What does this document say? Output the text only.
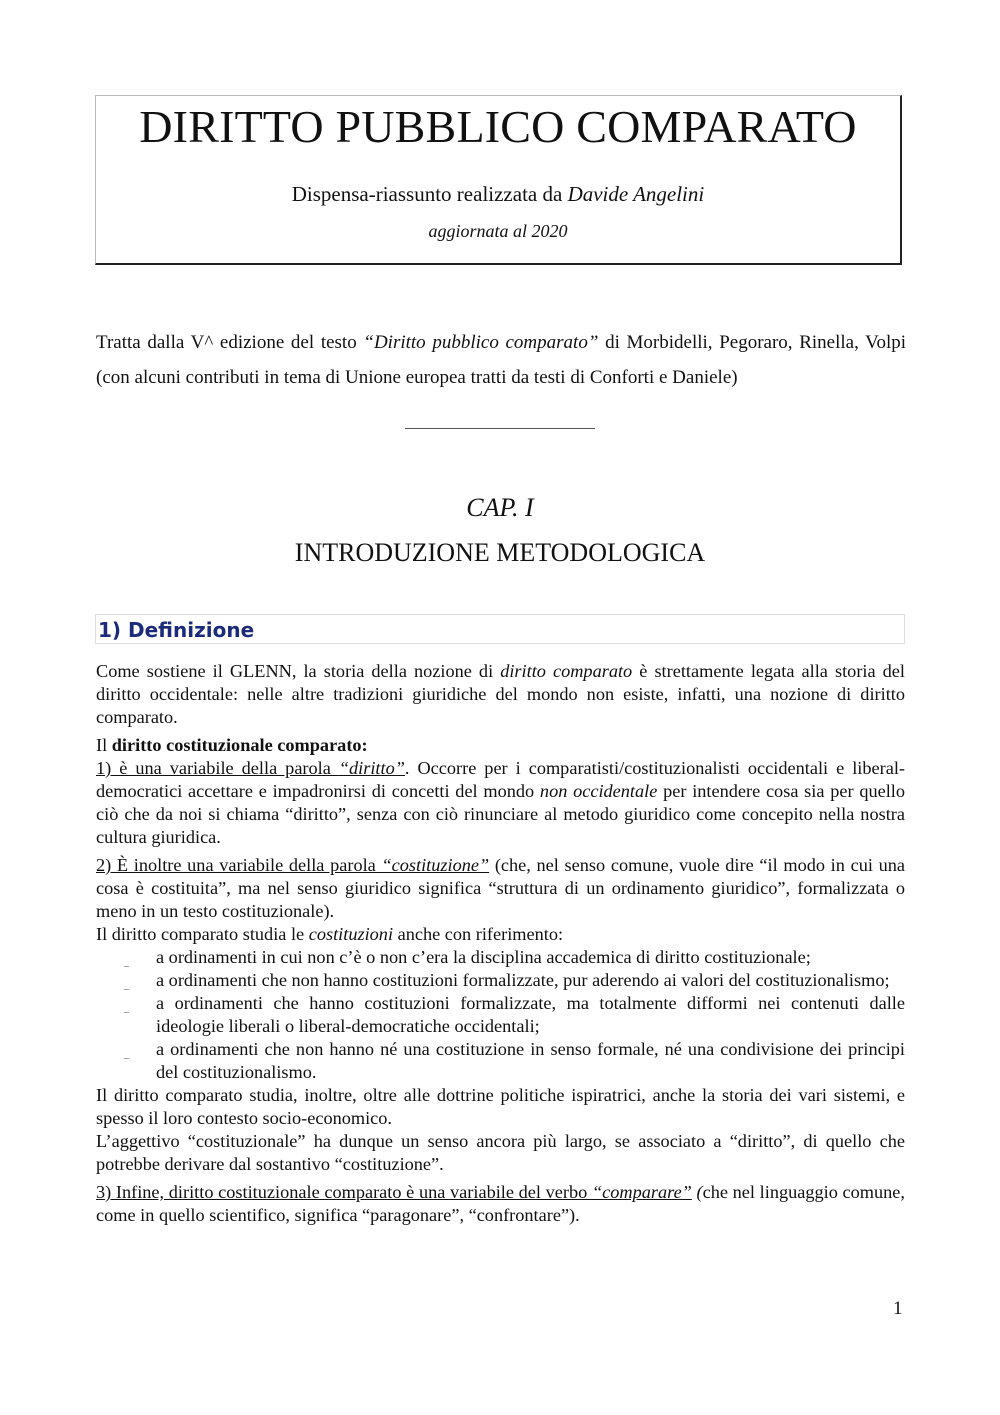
DIRITTO PUBBLICO COMPARATO
Dispensa-riassunto realizzata da Davide Angelini
aggiornata al 2020
Tratta dalla V^ edizione del testo “Diritto pubblico comparato” di Morbidelli, Pegoraro, Rinella, Volpi (con alcuni contributi in tema di Unione europea tratti da testi di Conforti e Daniele)
CAP. I
INTRODUZIONE METODOLOGICA
1) Definizione

Come sostiene il GLENN, la storia della nozione di diritto comparato è strettamente legata alla storia del diritto occidentale: nelle altre tradizioni giuridiche del mondo non esiste, infatti, una nozione di diritto comparato.

Il diritto costituzionale comparato:

1) è una variabile della parola “diritto”. Occorre per i comparatisti/costituzionalisti occidentali e liberal-democratici accettare e impadronirsi di concetti del mondo non occidentale per intendere cosa sia per quello ciò che da noi si chiama “diritto”, senza con ciò rinunciare al metodo giuridico come concepito nella nostra cultura giuridica.

2) È inoltre una variabile della parola “costituzione” (che, nel senso comune, vuole dire “il modo in cui una cosa è costituita”, ma nel senso giuridico significa “struttura di un ordinamento giuridico”, formalizzata o meno in un testo costituzionale).

Il diritto comparato studia le costituzioni anche con riferimento:

_ a ordinamenti in cui non c’è o non c’era la disciplina accademica di diritto costituzionale;
_ a ordinamenti che non hanno costituzioni formalizzate, pur aderendo ai valori del costituzionalismo;
_ a ordinamenti che hanno costituzioni formalizzate, ma totalmente difformi nei contenuti dalle ideologie liberali o liberal-democratiche occidentali;
_ a ordinamenti che non hanno né una costituzione in senso formale, né una condivisione dei principi del costituzionalismo.

Il diritto comparato studia, inoltre, oltre alle dottrine politiche ispiratrici, anche la storia dei vari sistemi, e spesso il loro contesto socio-economico.

L’aggettivo “costituzionale” ha dunque un senso ancora più largo, se associato a “diritto”, di quello che potrebbe derivare dal sostantivo “costituzione”.

3) Infine, diritto costituzionale comparato è una variabile del verbo “comparare” (che nel linguaggio comune, come in quello scientifico, significa “paragonare”, “confrontare”).

1
